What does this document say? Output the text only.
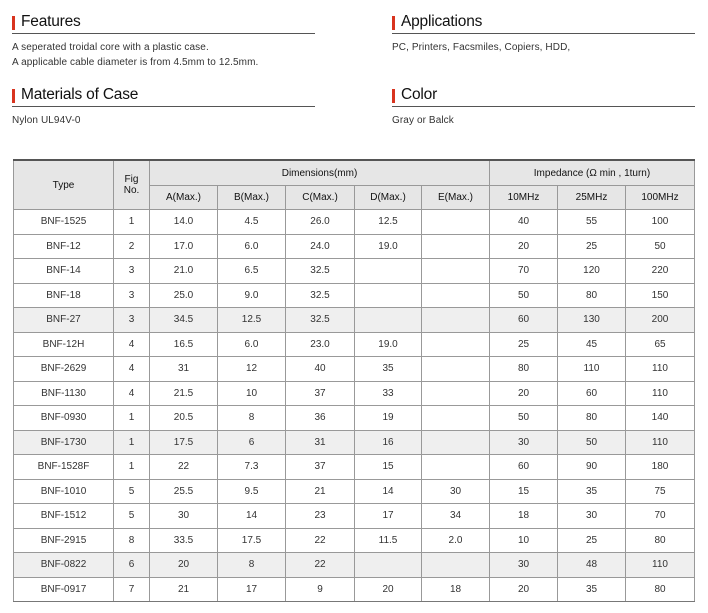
Features
A seperated troidal core with a plastic case.
A applicable cable diameter is from 4.5mm to 12.5mm.
Applications
PC, Printers, Facsmiles, Copiers, HDD,
Materials of Case
Nylon UL94V-0
Color
Gray or Balck
Type	Fig
No.	Dimensions(mm)					Impedance (Ω min , 1turn)		
		A(Max.)	B(Max.)	C(Max.)	D(Max.)	E(Max.)	10MHz	25MHz	100MHz
BNF-1525	1	14.0	4.5	26.0	12.5		40	55	100
BNF-12	2	17.0	6.0	24.0	19.0		20	25	50
BNF-14	3	21.0	6.5	32.5			70	120	220
BNF-18	3	25.0	9.0	32.5			50	80	150
BNF-27	3	34.5	12.5	32.5			60	130	200
BNF-12H	4	16.5	6.0	23.0	19.0		25	45	65
BNF-2629	4	31	12	40	35		80	110	110
BNF-1130	4	21.5	10	37	33		20	60	110
BNF-0930	1	20.5	8	36	19		50	80	140
BNF-1730	1	17.5	6	31	16		30	50	110
BNF-1528F	1	22	7.3	37	15		60	90	180
BNF-1010	5	25.5	9.5	21	14	30	15	35	75
BNF-1512	5	30	14	23	17	34	18	30	70
BNF-2915	8	33.5	17.5	22	11.5	2.0	10	25	80
BNF-0822	6	20	8	22			30	48	110
BNF-0917	7	21	17	9	20	18	20	35	80
